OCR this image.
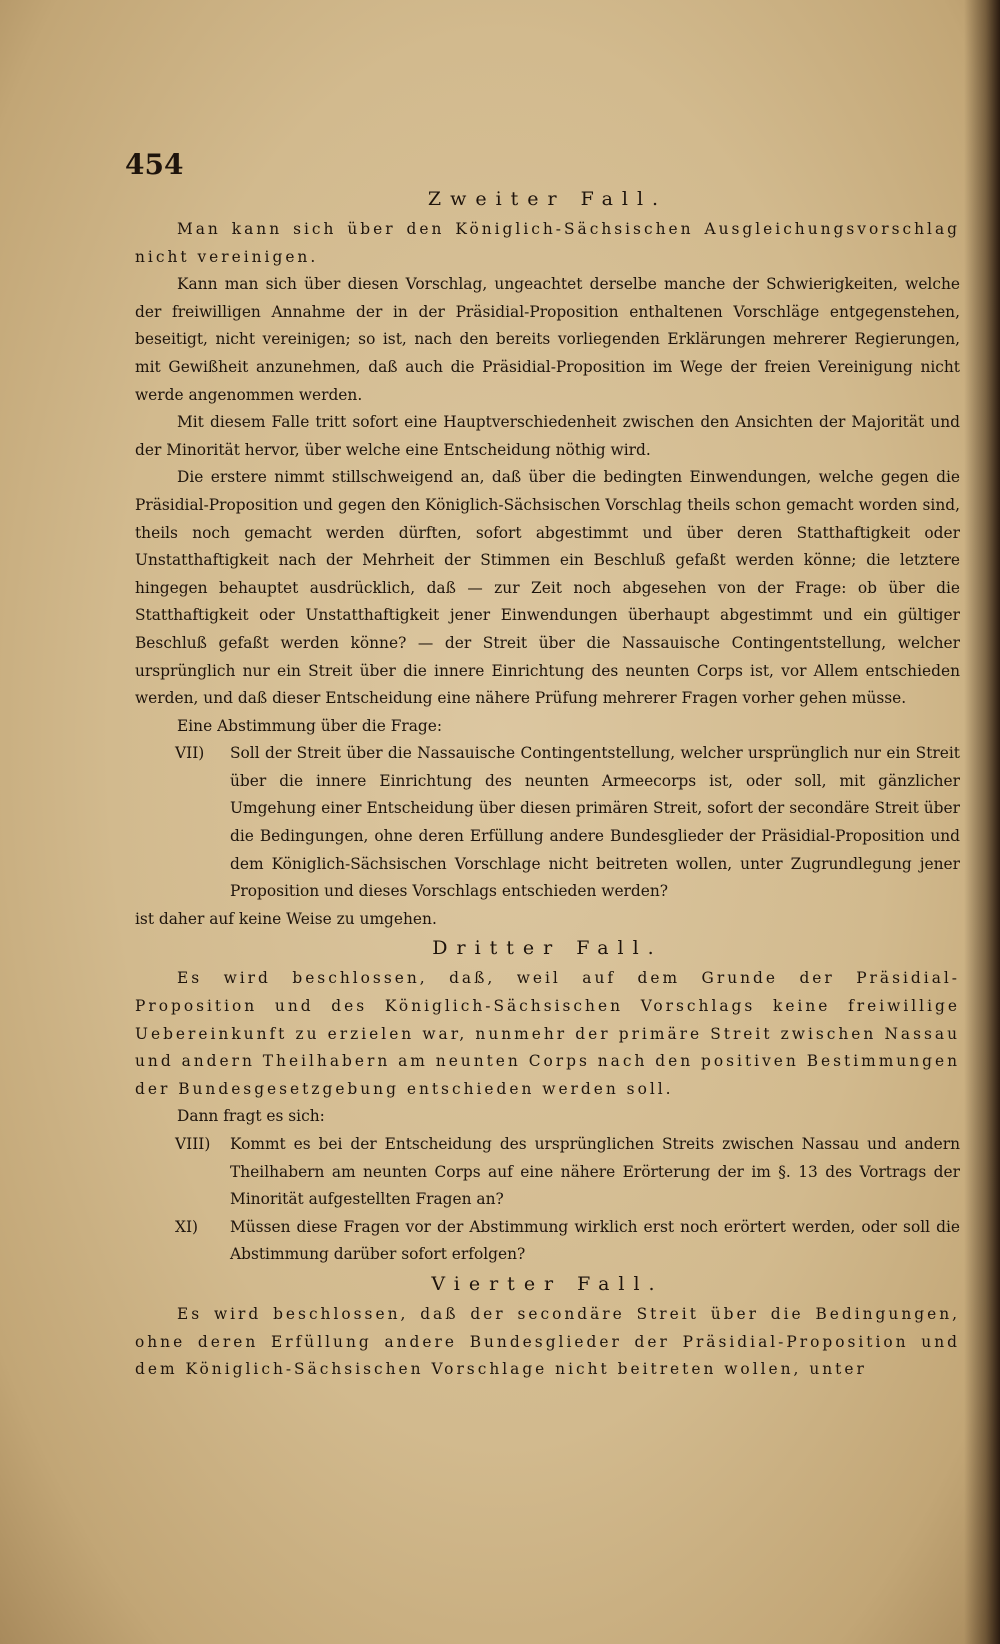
454
Zweiter Fall.

Man kann sich über den Königlich-Sächsischen Ausgleichungsvorschlag nicht vereinigen.

Kann man sich über diesen Vorschlag, ungeachtet derselbe manche der Schwierigkeiten, welche der freiwilligen Annahme der in der Präsidial-Proposition enthaltenen Vorschläge entgegenstehen, beseitigt, nicht vereinigen; so ist, nach den bereits vorliegenden Erklärungen mehrerer Regierungen, mit Gewißheit anzunehmen, daß auch die Präsidial-Proposition im Wege der freien Vereinigung nicht werde angenommen werden.

Mit diesem Falle tritt sofort eine Hauptverschiedenheit zwischen den Ansichten der Majorität und der Minorität hervor, über welche eine Entscheidung nöthig wird.

Die erstere nimmt stillschweigend an, daß über die bedingten Einwendungen, welche gegen die Präsidial-Proposition und gegen den Königlich-Sächsischen Vorschlag theils schon gemacht worden sind, theils noch gemacht werden dürften, sofort abgestimmt und über deren Statthaftigkeit oder Unstatthaftigkeit nach der Mehrheit der Stimmen ein Beschluß gefaßt werden könne; die letztere hingegen behauptet ausdrücklich, daß — zur Zeit noch abgesehen von der Frage: ob über die Statthaftigkeit oder Unstatthaftigkeit jener Einwendungen überhaupt abgestimmt und ein gültiger Beschluß gefaßt werden könne? — der Streit über die Nassauische Contingentstellung, welcher ursprünglich nur ein Streit über die innere Einrichtung des neunten Corps ist, vor Allem entschieden werden, und daß dieser Entscheidung eine nähere Prüfung mehrerer Fragen vorher gehen müsse.

Eine Abstimmung über die Frage:

VII) Soll der Streit über die Nassauische Contingentstellung, welcher ursprünglich nur ein Streit über die innere Einrichtung des neunten Armeecorps ist, oder soll, mit gänzlicher Umgehung einer Entscheidung über diesen primären Streit, sofort der secondäre Streit über die Bedingungen, ohne deren Erfüllung andere Bundesglieder der Präsidial-Proposition und dem Königlich-Sächsischen Vorschlage nicht beitreten wollen, unter Zugrundlegung jener Proposition und dieses Vorschlags entschieden werden?

ist daher auf keine Weise zu umgehen.

Dritter Fall.

Es wird beschlossen, daß, weil auf dem Grunde der Präsidial-Proposition und des Königlich-Sächsischen Vorschlags keine freiwillige Uebereinkunft zu erzielen war, nunmehr der primäre Streit zwischen Nassau und andern Theilhabern am neunten Corps nach den positiven Bestimmungen der Bundesgesetzgebung entschieden werden soll.

Dann fragt es sich:

VIII) Kommt es bei der Entscheidung des ursprünglichen Streits zwischen Nassau und andern Theilhabern am neunten Corps auf eine nähere Erörterung der im §. 13 des Vortrags der Minorität aufgestellten Fragen an?
XI) Müssen diese Fragen vor der Abstimmung wirklich erst noch erörtert werden, oder soll die Abstimmung darüber sofort erfolgen?
Vierter Fall.

Es wird beschlossen, daß der secondäre Streit über die Bedingungen, ohne deren Erfüllung andere Bundesglieder der Präsidial-Proposition und dem Königlich-Sächsischen Vorschlage nicht beitreten wollen, unter
